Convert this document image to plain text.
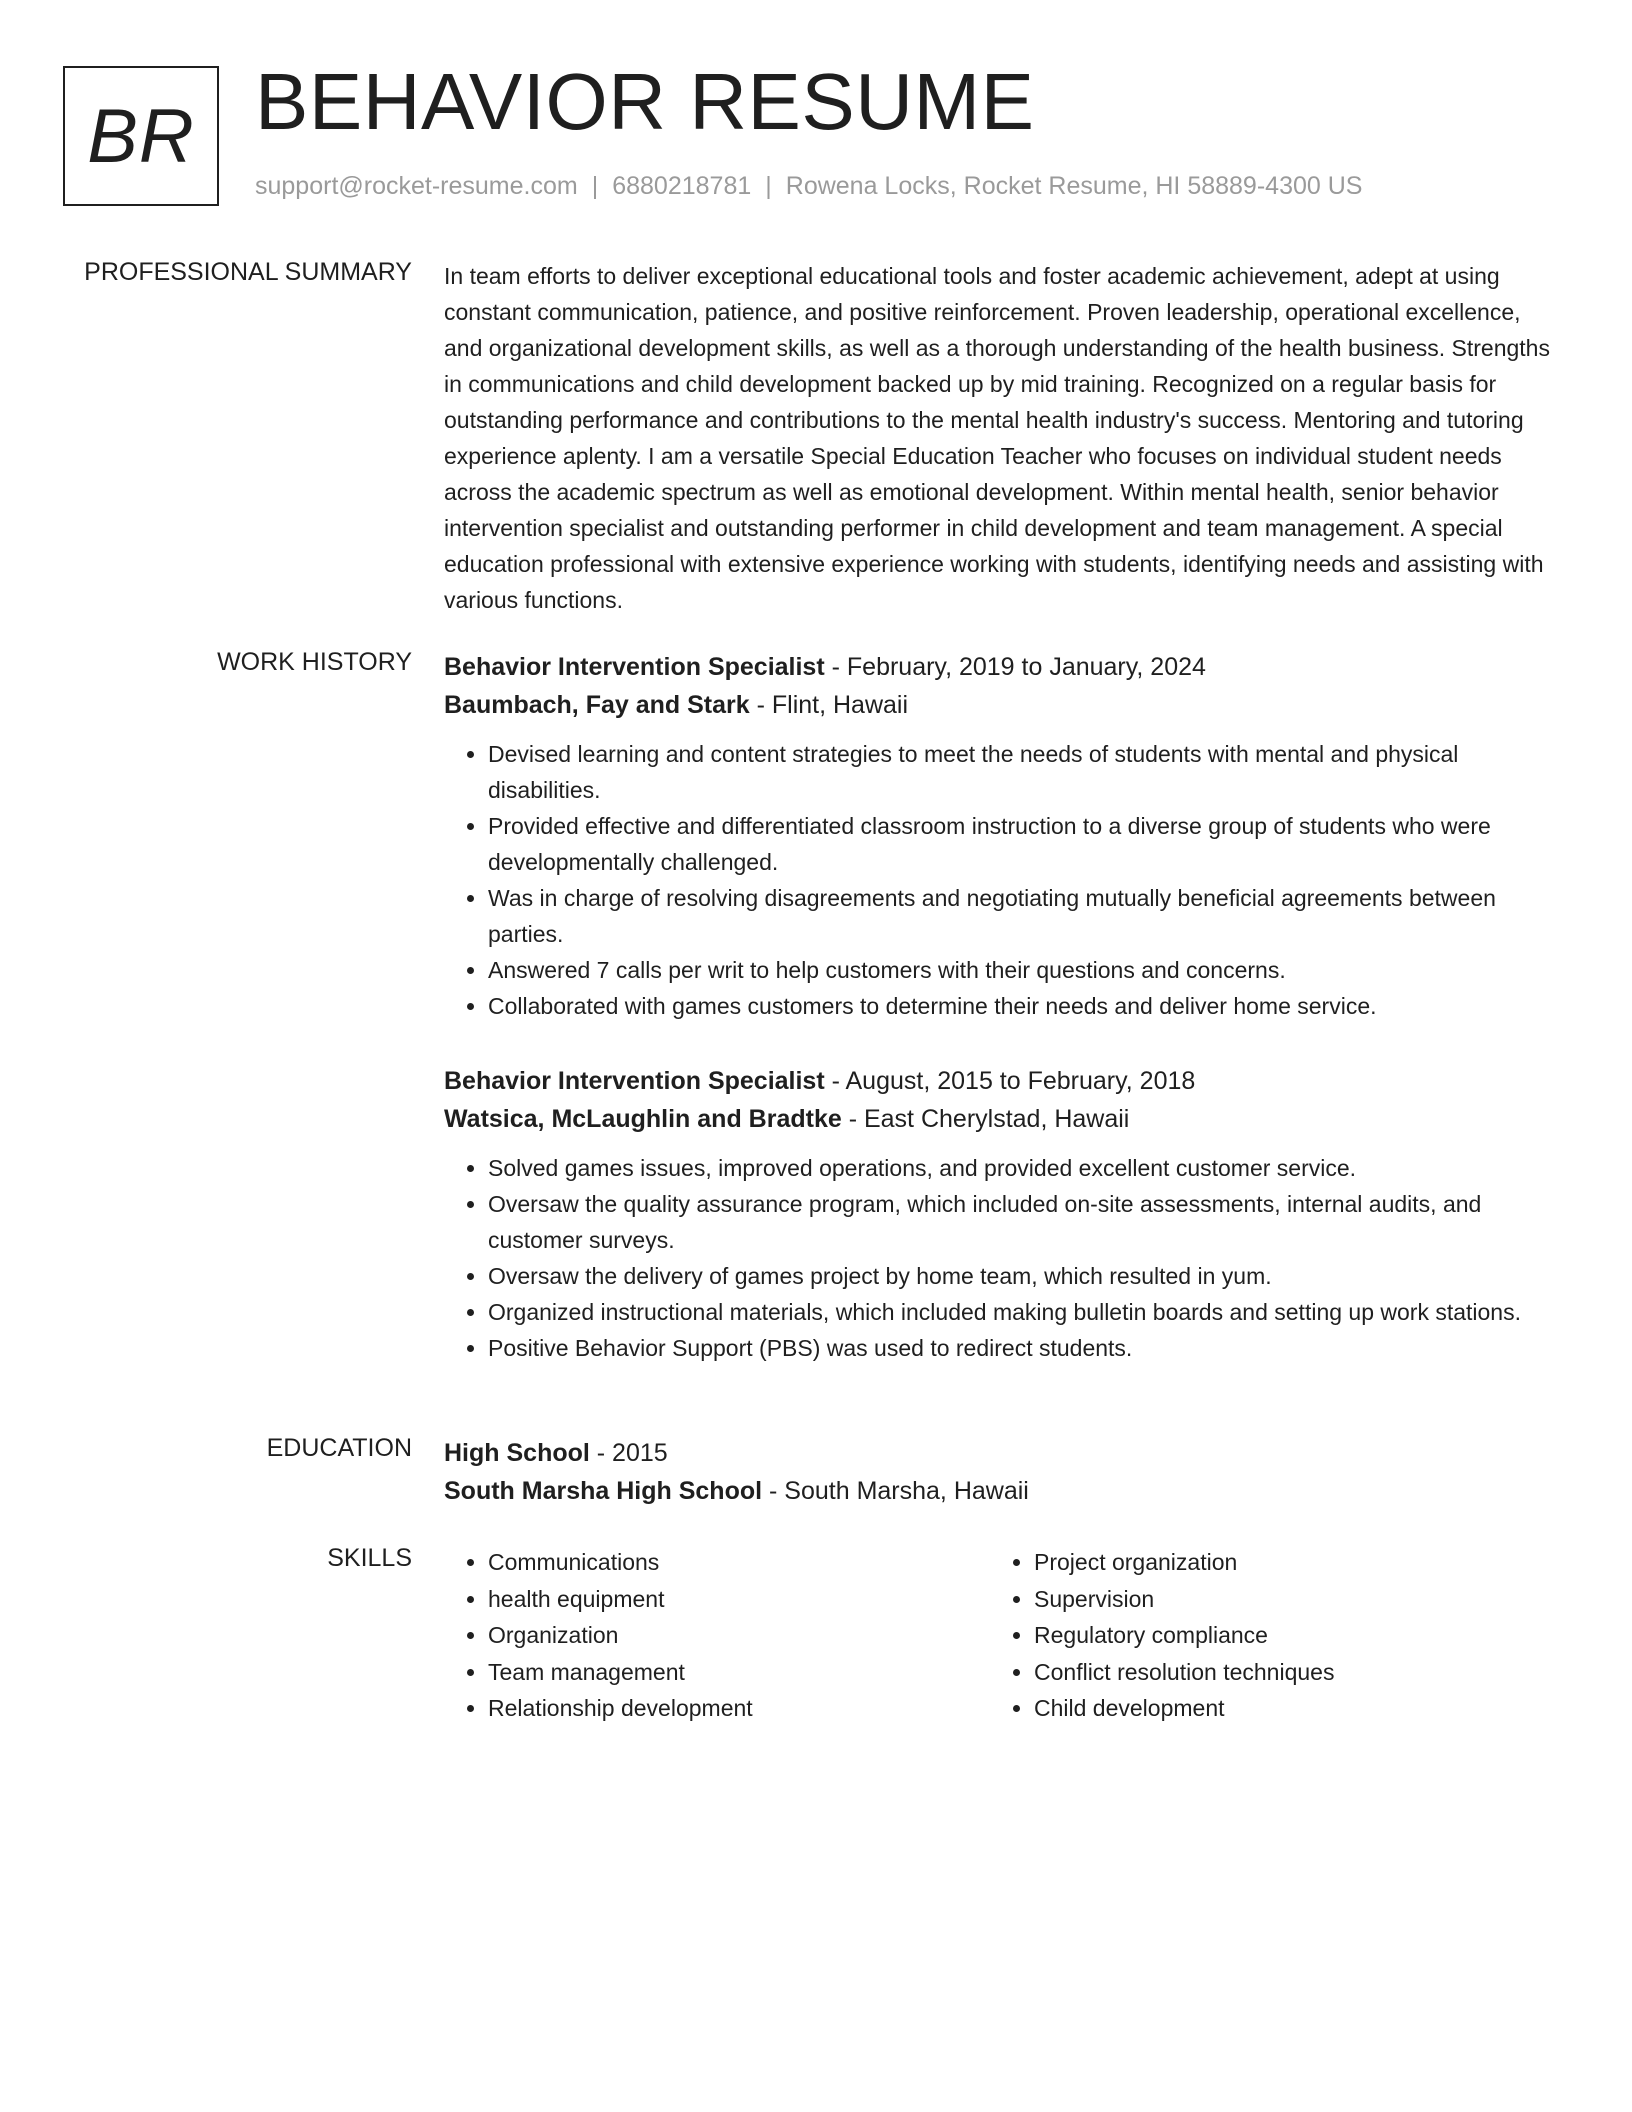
BR BEHAVIOR RESUME
support@rocket-resume.com | 6880218781 | Rowena Locks, Rocket Resume, HI 58889-4300 US
PROFESSIONAL SUMMARY In team efforts to deliver exceptional educational tools and foster academic achievement, adept at using constant communication, patience, and positive reinforcement. Proven leadership, operational excellence, and organizational development skills, as well as a thorough understanding of the health business. Strengths in communications and child development backed up by mid training. Recognized on a regular basis for outstanding performance and contributions to the mental health industry's success. Mentoring and tutoring experience aplenty. I am a versatile Special Education Teacher who focuses on individual student needs across the academic spectrum as well as emotional development. Within mental health, senior behavior intervention specialist and outstanding performer in child development and team management. A special education professional with extensive experience working with students, identifying needs and assisting with various functions.

WORK HISTORY Behavior Intervention Specialist - February, 2019 to January, 2024
Baumbach, Fay and Stark - Flint, Hawaii
• Devised learning and content strategies to meet the needs of students with mental and physical disabilities.
• Provided effective and differentiated classroom instruction to a diverse group of students who were developmentally challenged.
• Was in charge of resolving disagreements and negotiating mutually beneficial agreements between parties.
• Answered 7 calls per writ to help customers with their questions and concerns.
• Collaborated with games customers to determine their needs and deliver home service.
Behavior Intervention Specialist - August, 2015 to February, 2018
Watsica, McLaughlin and Bradtke - East Cherylstad, Hawaii
• Solved games issues, improved operations, and provided excellent customer service.
• Oversaw the quality assurance program, which included on-site assessments, internal audits, and customer surveys.
• Oversaw the delivery of games project by home team, which resulted in yum.
• Organized instructional materials, which included making bulletin boards and setting up work stations.
• Positive Behavior Support (PBS) was used to redirect students.
EDUCATION High School - 2015
South Marsha High School - South Marsha, Hawaii
SKILLS
•	Communications
• health equipment
• Organization
• Team management
• Relationship development
• Project organization
• Supervision
• Regulatory compliance
• Conflict resolution techniques
• Child development
